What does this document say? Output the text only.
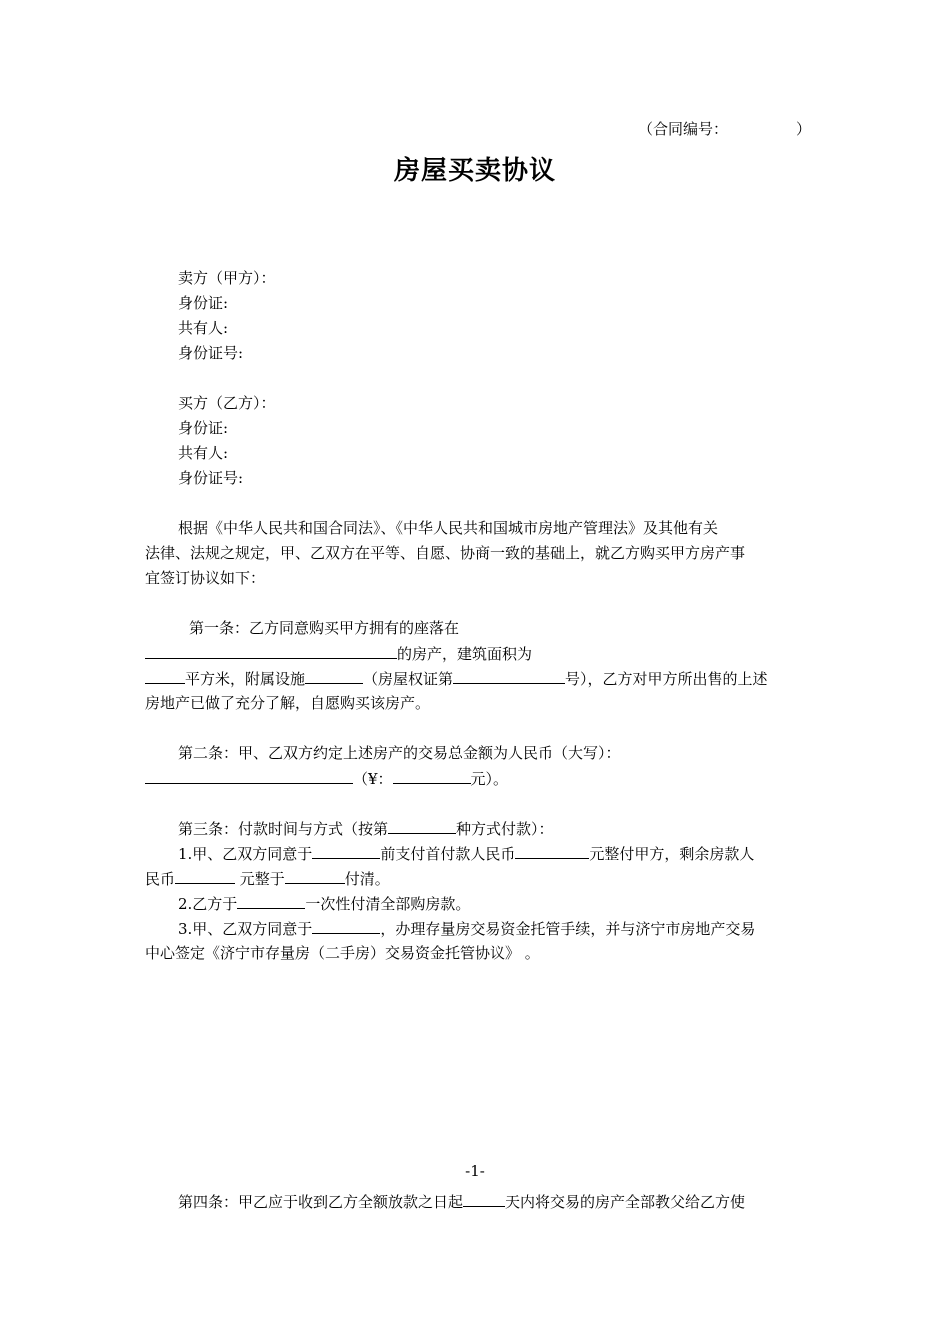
（合同编号：	）
房屋买卖协议
卖方（甲方）：
身份证:
共有人:
身份证号:
买方（乙方）：
身份证:
共有人:
身份证号:
根据《中华人民共和国合同法》、《中华人民共和国城市房地产管理法》及其他有关
法律、法规之规定，甲、乙双方在平等、自愿、协商一致的基础上，就乙方购买甲方房产事
宜签订协议如下：
第一条：乙方同意购买甲方拥有的座落在
的房产，建筑面积为
平方米，附属设施	（房屋权证第	号），乙方对甲方所出售的上述
房地产已做了充分了解，自愿购买该房产。
第二条：甲、乙双方约定上述房产的交易总金额为人民币（大写）：
（¥：	元）。
第三条：付款时间与方式（按第	种方式付款）：
1.甲、乙双方同意于	前支付首付款人民币	元整付甲方，剩余房款人
民币	元整于	付清。
2.乙方于	一次性付清全部购房款。
3.甲、乙双方同意于	，办理存量房交易资金托管手续，并与济宁市房地产交易
中心签定《济宁市存量房（二手房）交易资金托管协议》 。
-1-
第四条：甲乙应于收到乙方全额放款之日起	天内将交易的房产全部教父给乙方使
